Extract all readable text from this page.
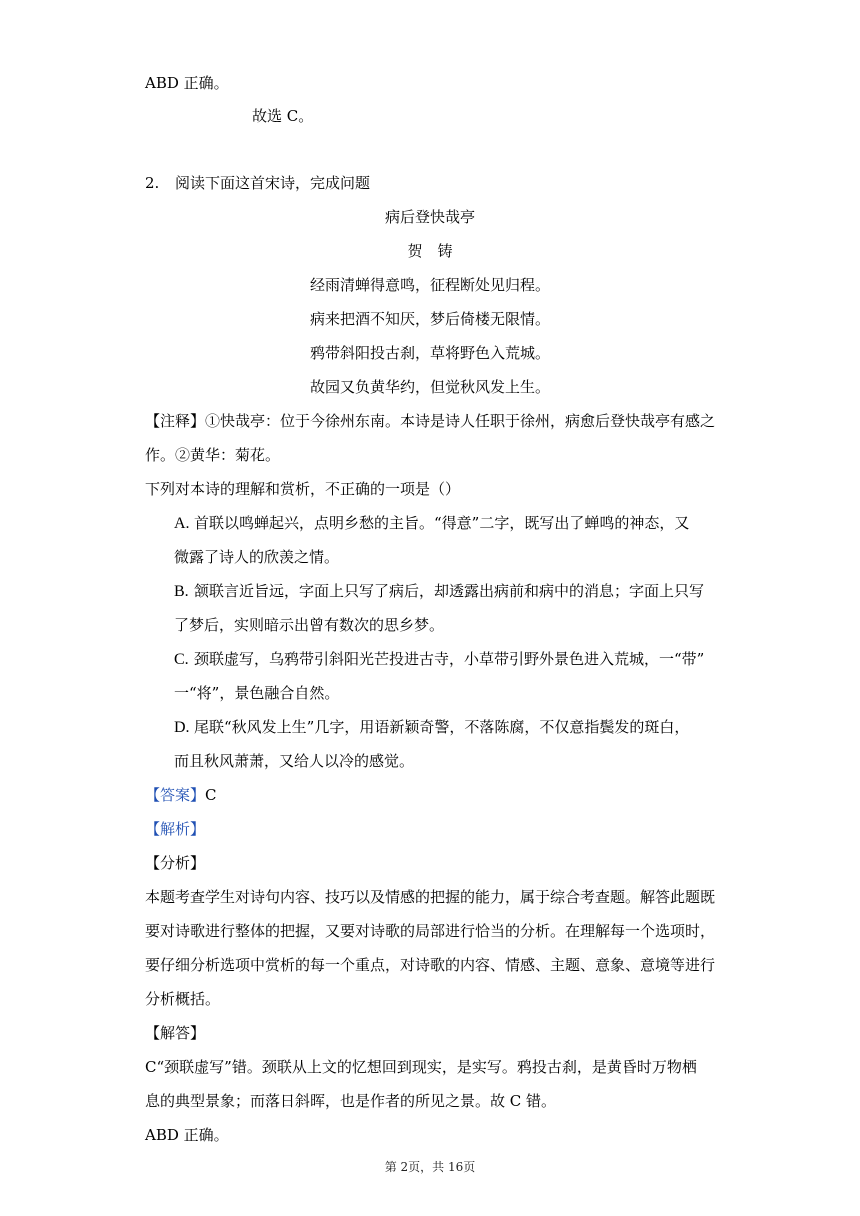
ABD 正确。
故选 C。
2. 阅读下面这首宋诗，完成问题
病后登快哉亭
贺　铸
经雨清蝉得意鸣，征程断处见归程。
病来把酒不知厌，梦后倚楼无限情。
鸦带斜阳投古刹，草将野色入荒城。
故园又负黄华约，但觉秋风发上生。
【注释】①快哉亭：位于今徐州东南。本诗是诗人任职于徐州，病愈后登快哉亭有感之
作。②黄华：菊花。
下列对本诗的理解和赏析，不正确的一项是（）
A. 首联以鸣蝉起兴，点明乡愁的主旨。“得意”二字，既写出了蝉鸣的神态，又
微露了诗人的欣羡之情。
B. 颔联言近旨远，字面上只写了病后，却透露出病前和病中的消息；字面上只写
了梦后，实则暗示出曾有数次的思乡梦。
C. 颈联虚写，乌鸦带引斜阳光芒投进古寺，小草带引野外景色进入荒城，一“带”
一“将”，景色融合自然。
D. 尾联“秋风发上生”几字，用语新颖奇警，不落陈腐，不仅意指鬓发的斑白，
而且秋风萧萧，又给人以冷的感觉。
【答案】C
【解析】
【分析】
本题考查学生对诗句内容、技巧以及情感的把握的能力，属于综合考查题。解答此题既
要对诗歌进行整体的把握，又要对诗歌的局部进行恰当的分析。在理解每一个选项时，
要仔细分析选项中赏析的每一个重点，对诗歌的内容、情感、主题、意象、意境等进行
分析概括。
【解答】
C“颈联虚写”错。颈联从上文的忆想回到现实，是实写。鸦投古刹，是黄昏时万物栖
息的典型景象；而落日斜晖，也是作者的所见之景。故 C 错。
ABD 正确。
第 2页，共 16页
